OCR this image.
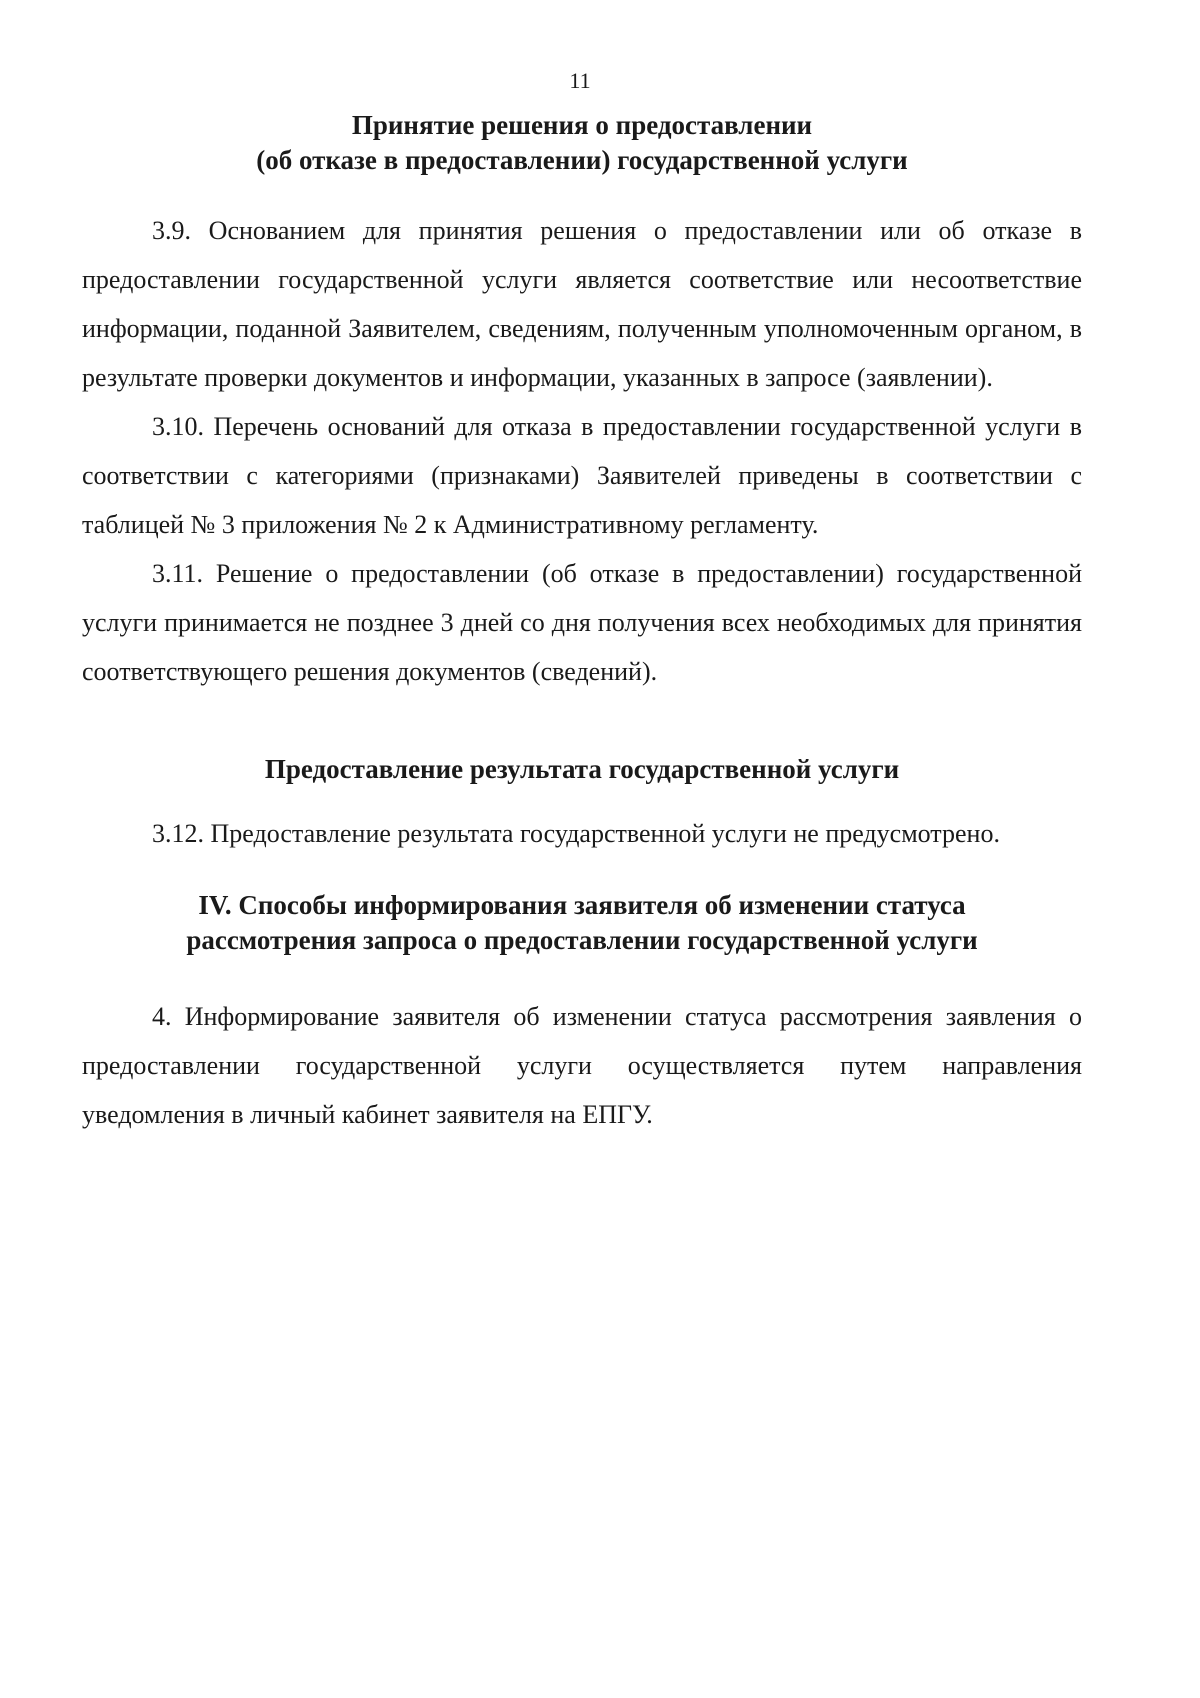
11
Принятие решения о предоставлении
(об отказе в предоставлении) государственной услуги

3.9. Основанием для принятия решения о предоставлении или об отказе в предоставлении государственной услуги является соответствие или несоответствие информации, поданной Заявителем, сведениям, полученным уполномоченным органом, в результате проверки документов и информации, указанных в запросе (заявлении).

3.10. Перечень оснований для отказа в предоставлении государственной услуги в соответствии с категориями (признаками) Заявителей приведены в соответствии с таблицей № 3 приложения № 2 к Административному регламенту.

3.11. Решение о предоставлении (об отказе в предоставлении) государственной услуги принимается не позднее 3 дней со дня получения всех необходимых для принятия соответствующего решения документов (сведений).

Предоставление результата государственной услуги

3.12. Предоставление результата государственной услуги не предусмотрено.

IV. Способы информирования заявителя об изменении статуса
рассмотрения запроса о предоставлении государственной услуги

4. Информирование заявителя об изменении статуса рассмотрения заявления о предоставлении государственной услуги осуществляется путем направления уведомления в личный кабинет заявителя на ЕПГУ.
